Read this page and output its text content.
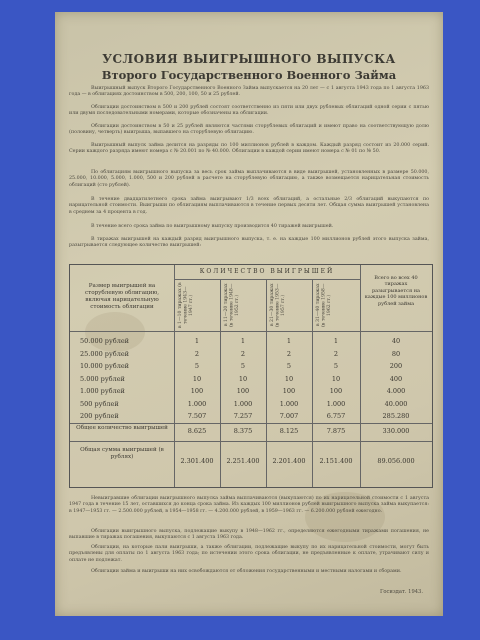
УСЛОВИЯ ВЫИГРЫШНОГО ВЫПУСКА
Второго Государственного Военного Займа
Выигрышный выпуск Второго Государственного Военного Займа выпускается на 20 лет — с 1 августа 1943 года по 1 августа 1963 года — в облигациях достоинством в 500, 200, 100, 50 и 25 рублей.
Облигации достоинством в 500 и 200 рублей состоят соответственно из пяти или двух рублевых облигаций одной серии с пятью или двумя последовательными номерами, которые обозначены на облигации.
Облигации достоинством в 50 и 25 рублей являются частями сторублевых облигаций и имеют право на соответствующую долю (половину, четверть) выигрыша, выпавшего на сторублевую облигацию.
Выигрышный выпуск займа делится на разряды по 100 миллионов рублей в каждом. Каждый разряд состоит из 20.000 серий. Серии каждого разряда имеют номера с № 20.001 по № 40.000. Облигации в каждой серии имеют номера с № 01 по № 50.
По облигациям выигрышного выпуска за весь срок займа выплачиваются в виде выигрышей, установленных в размере 50.000, 25.000, 10.000, 5.000, 1.000, 500 и 200 рублей в расчете на сторублевую облигацию, а также возмещается нарицательная стоимость облигаций (сто рублей).
В течение двадцатилетнего срока займа выигрывают 1/3 всех облигаций, а остальные 2/3 облигаций выкупаются по нарицательной стоимости. Выигрыши по облигациям выплачиваются в течение первых десяти лет. Общая сумма выигрышей установлена в среднем за 4 процента в год.
В течение всего срока займа по выигрышному выпуску производится 40 тиражей выигрышей.
В тиражах выигрышей на каждый разряд выигрышного выпуска, т. е. на каждые 100 миллионов рублей этого выпуска займа, разыгрывается следующее количество выигрышей:
Размер выигрышей на сторублевую облигацию, включая нарицательную стоимость облигации
КОЛИЧЕСТВО ВЫИГРЫШЕЙ
в 1—10 тиражах (в течение 1943—1947 гг.)	в 11—20 тиражах (в течение 1948—1952 гг.)	в 21—30 тиражах (в течение 1953—1957 гг.)	в 31—40 тиражах (в течение 1958—1962 гг.)
Всего во всех 40 тиражах разыгрывается на каждые 100 миллионов рублей займа
50.000 рублей	1	1	1	1	40
25.000 рублей	2	2	2	2	80
10.000 рублей	5	5	5	5	200
5.000 рублей	10	10	10	10	400
1.000 рублей	100	100	100	100	4.000
500 рублей	1.000	1.000	1.000	1.000	40.000
200 рублей	7.507	7.257	7.007	6.757	285.280
Общее количество выигрышей	8.625	8.375	8.125	7.875	330.000
Общая сумма выигрышей (в рублях)	2.301.400	2.251.400	2.201.400	2.151.400	89.056.000
Невыигравшие облигации выигрышного выпуска займа выплачиваются (выкупаются) по их нарицательной стоимости с 1 августа 1947 года в течение 15 лет, оставшихся до конца срока займа. Из каждых 100 миллионов рублей выигрышного выпуска займа выкупается: в 1947—1953 гг. — 2.500.000 рублей, в 1954—1958 гг. — 4.200.000 рублей, в 1959—1963 гг. — 6.200.000 рублей ежегодно.
Облигации выигрышного выпуска, подлежащие выкупу в 1948—1962 гг., определяются ежегодными тиражами погашения, не выпавшие в тиражах погашения, выкупаются с 1 августа 1963 года.
Облигации, на которые пали выигрыши, а также облигации, подлежащие выкупу по их нарицательной стоимости, могут быть предъявлены для оплаты по 1 августа 1963 года; по истечении этого срока облигации, не предъявленные к оплате, утрачивают силу и оплате не подлежат.
Облигации займа и выигрыши на них освобождаются от обложения государственными и местными налогами и сборами.
Госиздат. 1943.
